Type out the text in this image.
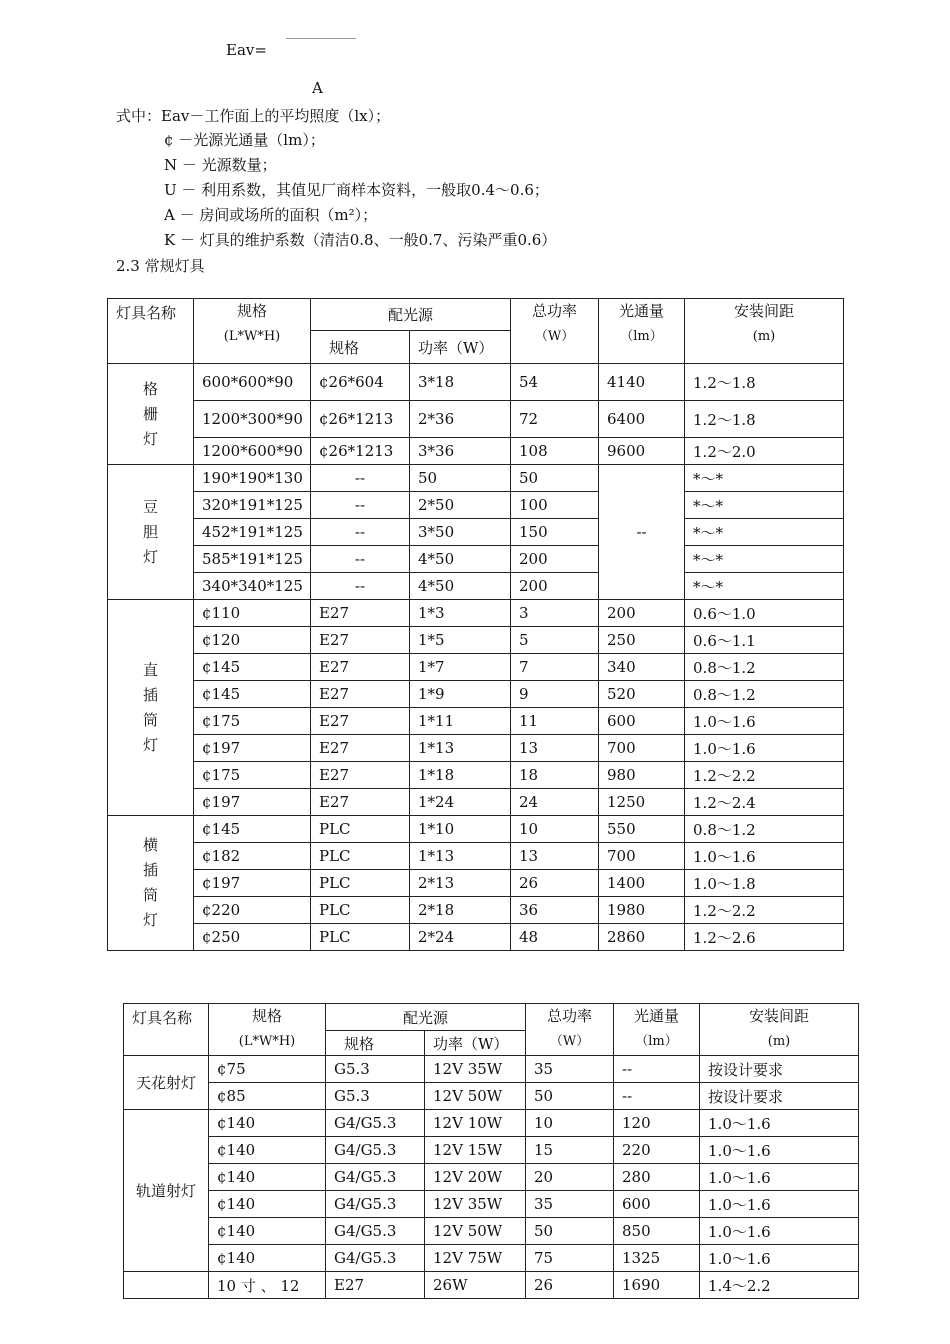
Eav=
A
式中：Eav－工作面上的平均照度（lx）；
¢ －光源光通量（lm）；
N － 光源数量；
U － 利用系数，其值见厂商样本资料，一般取0.4～0.6；
A － 房间或场所的面积（m²）；
K － 灯具的维护系数（清洁0.8、一般0.7、污染严重0.6）
2.3 常规灯具
灯具名称	规格
(L*W*H)	配光源		总功率
（W）	光通量
（lm）	安装间距
(m)
		规格	功率（W）			

格
栅
灯	600*600*90	¢26*604	3*18	54	4140	1.2～1.8
	1200*300*90	¢26*1213	2*36	72	6400	1.2～1.8
	1200*600*90	¢26*1213	3*36	108	9600	1.2～2.0

豆
胆
灯	190*190*130	--	50	50	--	*～*
	320*191*125	--	2*50	100		*～*
	452*191*125	--	3*50	150		*～*
	585*191*125	--	4*50	200		*～*
	340*340*125	--	4*50	200		*～*

直
插
筒
灯	¢110	E27	1*3	3	200	0.6～1.0
	¢120	E27	1*5	5	250	0.6～1.1
	¢145	E27	1*7	7	340	0.8～1.2
	¢145	E27	1*9	9	520	0.8～1.2
	¢175	E27	1*11	11	600	1.0～1.6
	¢197	E27	1*13	13	700	1.0～1.6
	¢175	E27	1*18	18	980	1.2～2.2
	¢197	E27	1*24	24	1250	1.2～2.4

横
插
筒
灯	¢145	PLC	1*10	10	550	0.8～1.2
	¢182	PLC	1*13	13	700	1.0～1.6
	¢197	PLC	2*13	26	1400	1.0～1.8
	¢220	PLC	2*18	36	1980	1.2～2.2
	¢250	PLC	2*24	48	2860	1.2～2.6
灯具名称	规格
(L*W*H)	配光源		总功率
（W）	光通量
（lm）	安装间距
(m)
		规格	功率（W）			
天花射灯	¢75	G5.3	12V 35W	35	--	按设计要求
	¢85	G5.3	12V 50W	50	--	按设计要求
轨道射灯	¢140	G4/G5.3	12V 10W	10	120	1.0～1.6
	¢140	G4/G5.3	12V 15W	15	220	1.0～1.6
	¢140	G4/G5.3	12V 20W	20	280	1.0～1.6
	¢140	G4/G5.3	12V 35W	35	600	1.0～1.6
	¢140	G4/G5.3	12V 50W	50	850	1.0～1.6
	¢140	G4/G5.3	12V 75W	75	1325	1.0～1.6
	10 寸 、 12	E27	26W	26	1690	1.4～2.2
